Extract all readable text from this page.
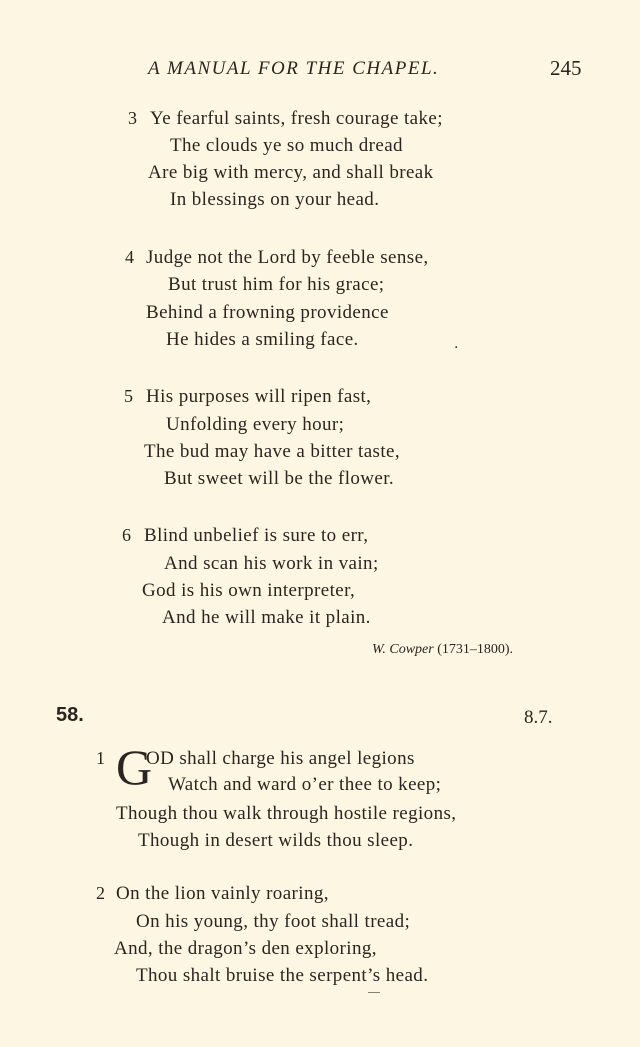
A MANUAL FOR THE CHAPEL.	245
3 Ye fearful saints, fresh courage take;
The clouds ye so much dread
Are big with mercy, and shall break
In blessings on your head.
4 Judge not the Lord by feeble sense,
But trust him for his grace;
Behind a frowning providence
He hides a smiling face.	·
5 His purposes will ripen fast,
Unfolding every hour;
The bud may have a bitter taste,
But sweet will be the flower.
6 Blind unbelief is sure to err,
And scan his work in vain;
God is his own interpreter,
And he will make it plain.
W. Cowper (1731–1800).
58.	8.7.
1 G
OD shall charge his angel legions
Watch and ward o’er thee to keep;
Though thou walk through hostile regions,
Though in desert wilds thou sleep.
2 On the lion vainly roaring,
On his young, thy foot shall tread;
And, the dragon’s den exploring,
Thou shalt bruise the serpent’s head.
